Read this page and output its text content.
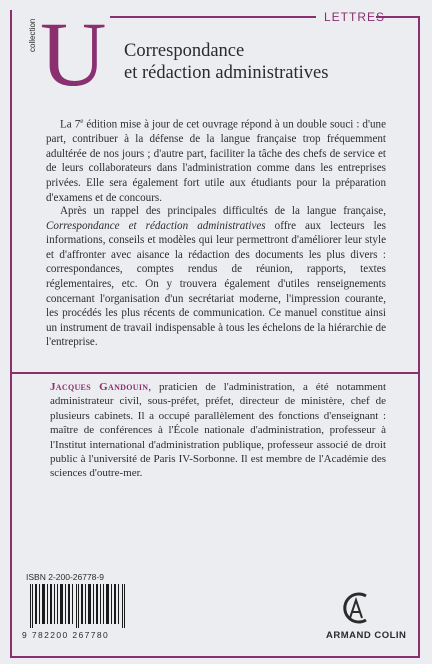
LETTRES
collection U Correspondance
et rédaction administratives
La 7e édition mise à jour de cet ouvrage répond à un double souci : d'une part, contribuer à la défense de la langue française trop fréquemment adultérée de nos jours ; d'autre part, faciliter la tâche des chefs de service et de leurs collaborateurs dans l'administration comme dans les entreprises privées. Elle sera également fort utile aux étudiants pour la préparation d'examens et de concours.
Après un rappel des principales difficultés de la langue française, Correspondance et rédaction administratives offre aux lecteurs les informations, conseils et modèles qui leur permettront d'améliorer leur style et d'affronter avec aisance la rédaction des documents les plus divers : correspondances, comptes rendus de réunion, rapports, textes réglementaires, etc. On y trouvera également d'utiles renseignements concernant l'organisation d'un secrétariat moderne, l'impression courante, les procédés les plus récents de communication. Ce manuel constitue ainsi un instrument de travail indispensable à tous les échelons de la hiérarchie de l'entreprise.
Jacques Gandouin, praticien de l'administration, a été notamment administrateur civil, sous-préfet, préfet, directeur de ministère, chef de plusieurs cabinets. Il a occupé parallèlement des fonctions d'enseignant : maître de conférences à l'École nationale d'administration, professeur à l'Institut international d'administration publique, professeur associé de droit public à l'université de Paris IV-Sorbonne. Il est membre de l'Académie des sciences d'outre-mer.
ISBN 2-200-26778-9
9 782200 267780	ARMAND COLIN
